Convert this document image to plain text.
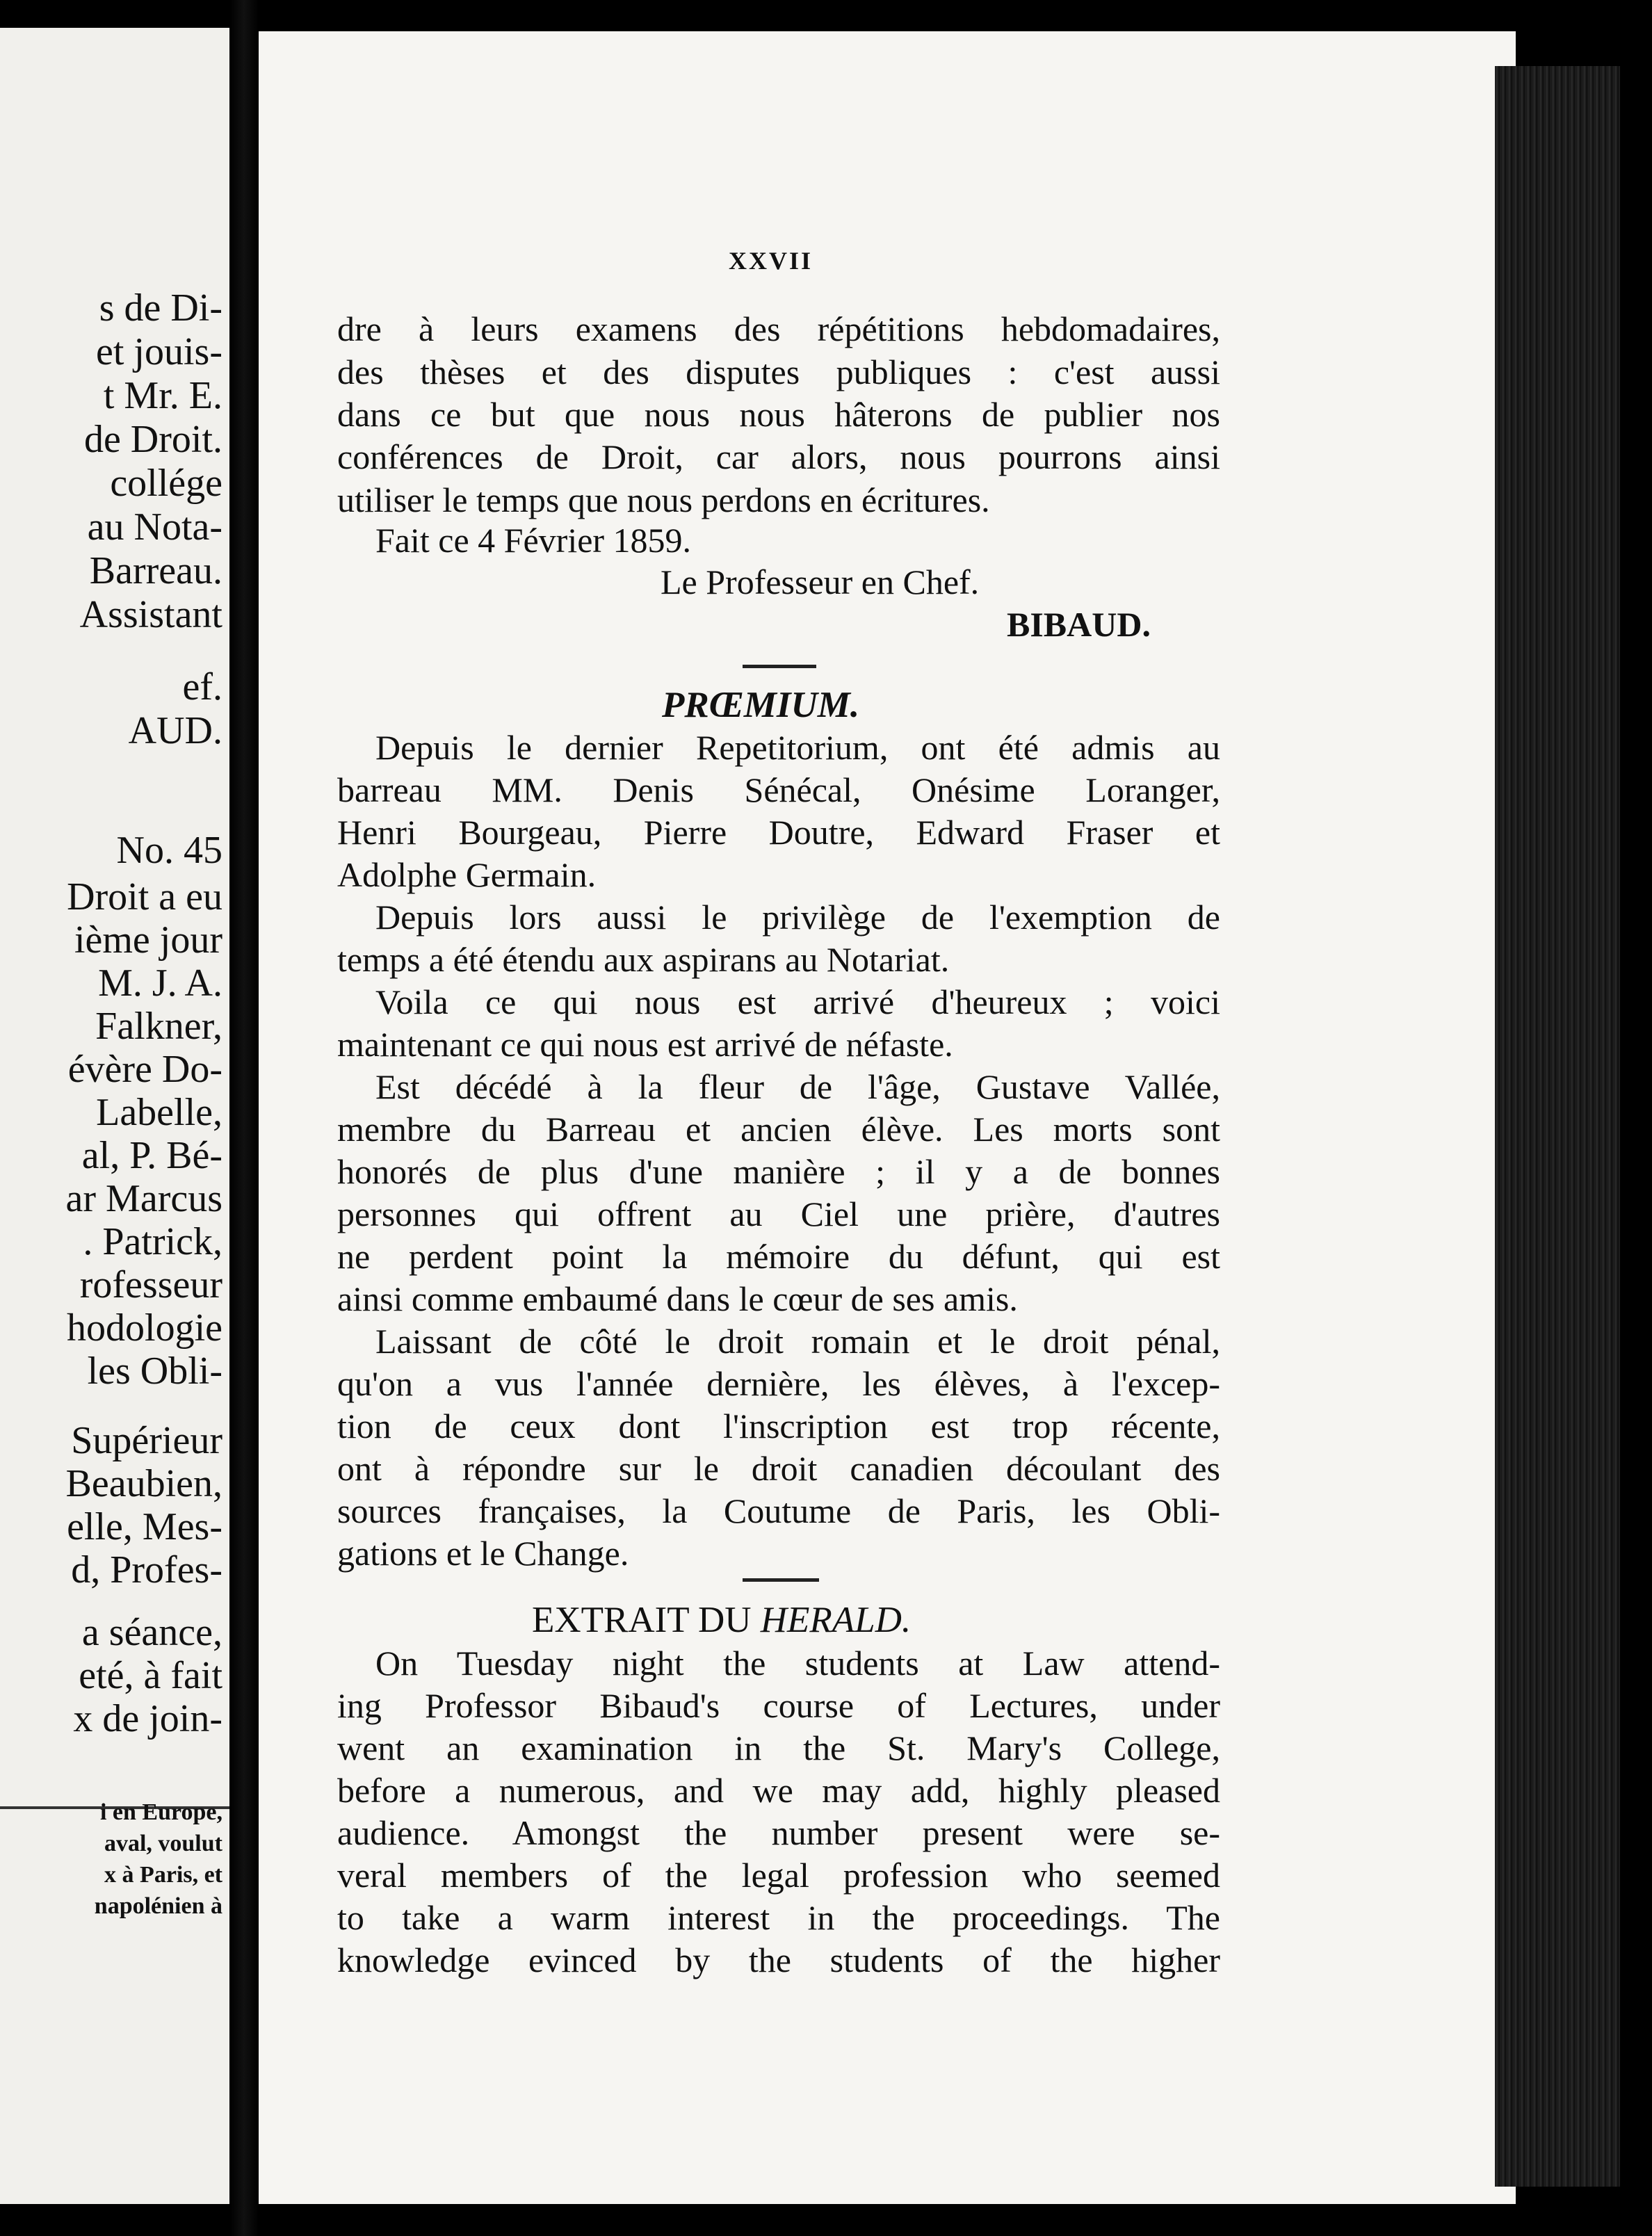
s de Di-
et jouis-
t Mr. E.
de Droit.
collége
au Nota-
Barreau.
Assistant
ef.
AUD.
No. 45
Droit a eu
ième jour
M. J. A.
Falkner,
évère Do-
Labelle,
al, P. Bé-
ar Marcus
. Patrick,
rofesseur
hodologie
les Obli-
Supérieur
Beaubien,
elle, Mes-
d, Profes-
a séance,
eté, à fait
x de join-
i en Europe,
aval, voulut
x à Paris, et
napolénien à
XXVII
dre à leurs examens des répétitions hebdomadaires,
des thèses et des disputes publiques : c'est aussi
dans ce but que nous nous hâterons de publier nos
conférences de Droit, car alors, nous pourrons ainsi
utiliser le temps que nous perdons en écritures.
Fait ce 4 Février 1859.
Le Professeur en Chef.
BIBAUD.
PRŒMIUM.
Depuis le dernier Repetitorium, ont été admis au
barreau MM. Denis Sénécal, Onésime Loranger,
Henri Bourgeau, Pierre Doutre, Edward Fraser et
Adolphe Germain.
Depuis lors aussi le privilège de l'exemption de
temps a été étendu aux aspirans au Notariat.
Voila ce qui nous est arrivé d'heureux ; voici
maintenant ce qui nous est arrivé de néfaste.
Est décédé à la fleur de l'âge, Gustave Vallée,
membre du Barreau et ancien élève. Les morts sont
honorés de plus d'une manière ; il y a de bonnes
personnes qui offrent au Ciel une prière, d'autres
ne perdent point la mémoire du défunt, qui est
ainsi comme embaumé dans le cœur de ses amis.
Laissant de côté le droit romain et le droit pénal,
qu'on a vus l'année dernière, les élèves, à l'excep-
tion de ceux dont l'inscription est trop récente,
ont à répondre sur le droit canadien découlant des
sources françaises, la Coutume de Paris, les Obli-
gations et le Change.
EXTRAIT DU HERALD.
On Tuesday night the students at Law attend-
ing Professor Bibaud's course of Lectures, under
went an examination in the St. Mary's College,
before a numerous, and we may add, highly pleased
audience. Amongst the number present were se-
veral members of the legal profession who seemed
to take a warm interest in the proceedings. The
knowledge evinced by the students of the higher
